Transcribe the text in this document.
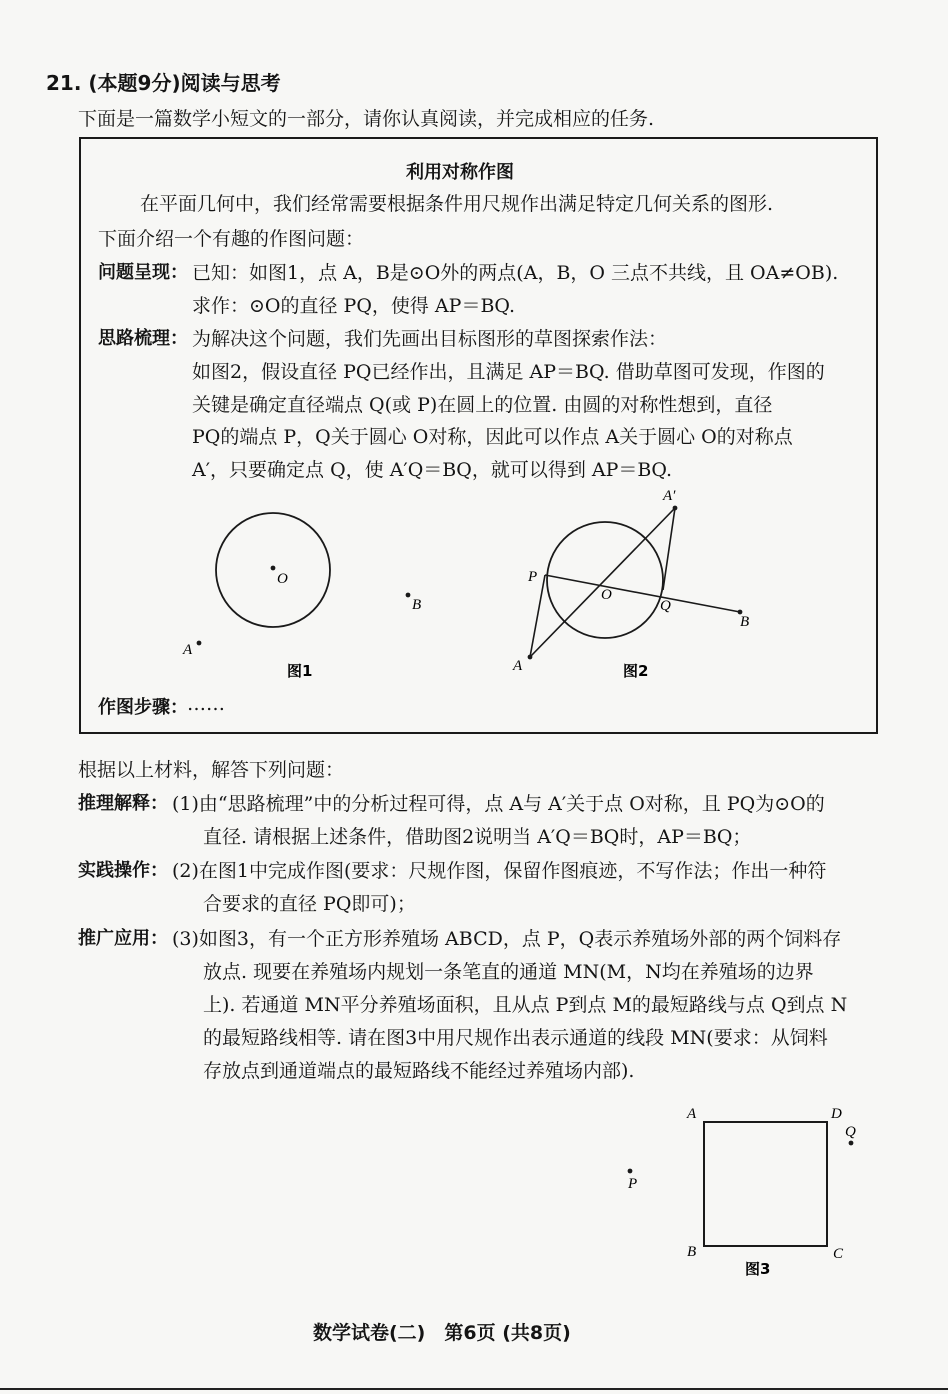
21. (本题9分)阅读与思考
下面是一篇数学小短文的一部分，请你认真阅读，并完成相应的任务.
利用对称作图
在平面几何中，我们经常需要根据条件用尺规作出满足特定几何关系的图形.
下面介绍一个有趣的作图问题：
问题呈现： 已知：如图1，点 A，B是⊙O外的两点(A，B，O 三点不共线，且 OA≠OB).
求作：⊙O的直径 PQ，使得 AP＝BQ.
思路梳理： 为解决这个问题，我们先画出目标图形的草图探索作法：
如图2，假设直径 PQ已经作出，且满足 AP＝BQ. 借助草图可发现，作图的
关键是确定直径端点 Q(或 P)在圆上的位置. 由圆的对称性想到，直径
PQ的端点 P，Q关于圆心 O对称，因此可以作点 A关于圆心 O的对称点
A′，只要确定点 Q，使 A′Q＝BQ，就可以得到 AP＝BQ.
O
B
A
图1
A′
P
O
Q
B
A	图2
作图步骤： ……
根据以上材料，解答下列问题：
推理解释： (1)由“思路梳理”中的分析过程可得，点 A与 A′关于点 O对称，且 PQ为⊙O的
直径. 请根据上述条件，借助图2说明当 A′Q＝BQ时，AP＝BQ；
实践操作： (2)在图1中完成作图(要求：尺规作图，保留作图痕迹，不写作法；作出一种符
合要求的直径 PQ即可)；
推广应用： (3)如图3，有一个正方形养殖场 ABCD，点 P，Q表示养殖场外部的两个饲料存
放点. 现要在养殖场内规划一条笔直的通道 MN(M，N均在养殖场的边界
上). 若通道 MN平分养殖场面积，且从点 P到点 M的最短路线与点 Q到点 N
的最短路线相等. 请在图3中用尺规作出表示通道的线段 MN(要求：从饲料
存放点到通道端点的最短路线不能经过养殖场内部).
A	D
B	C
Q
P
图3
数学试卷(二)　第6页 (共8页)
